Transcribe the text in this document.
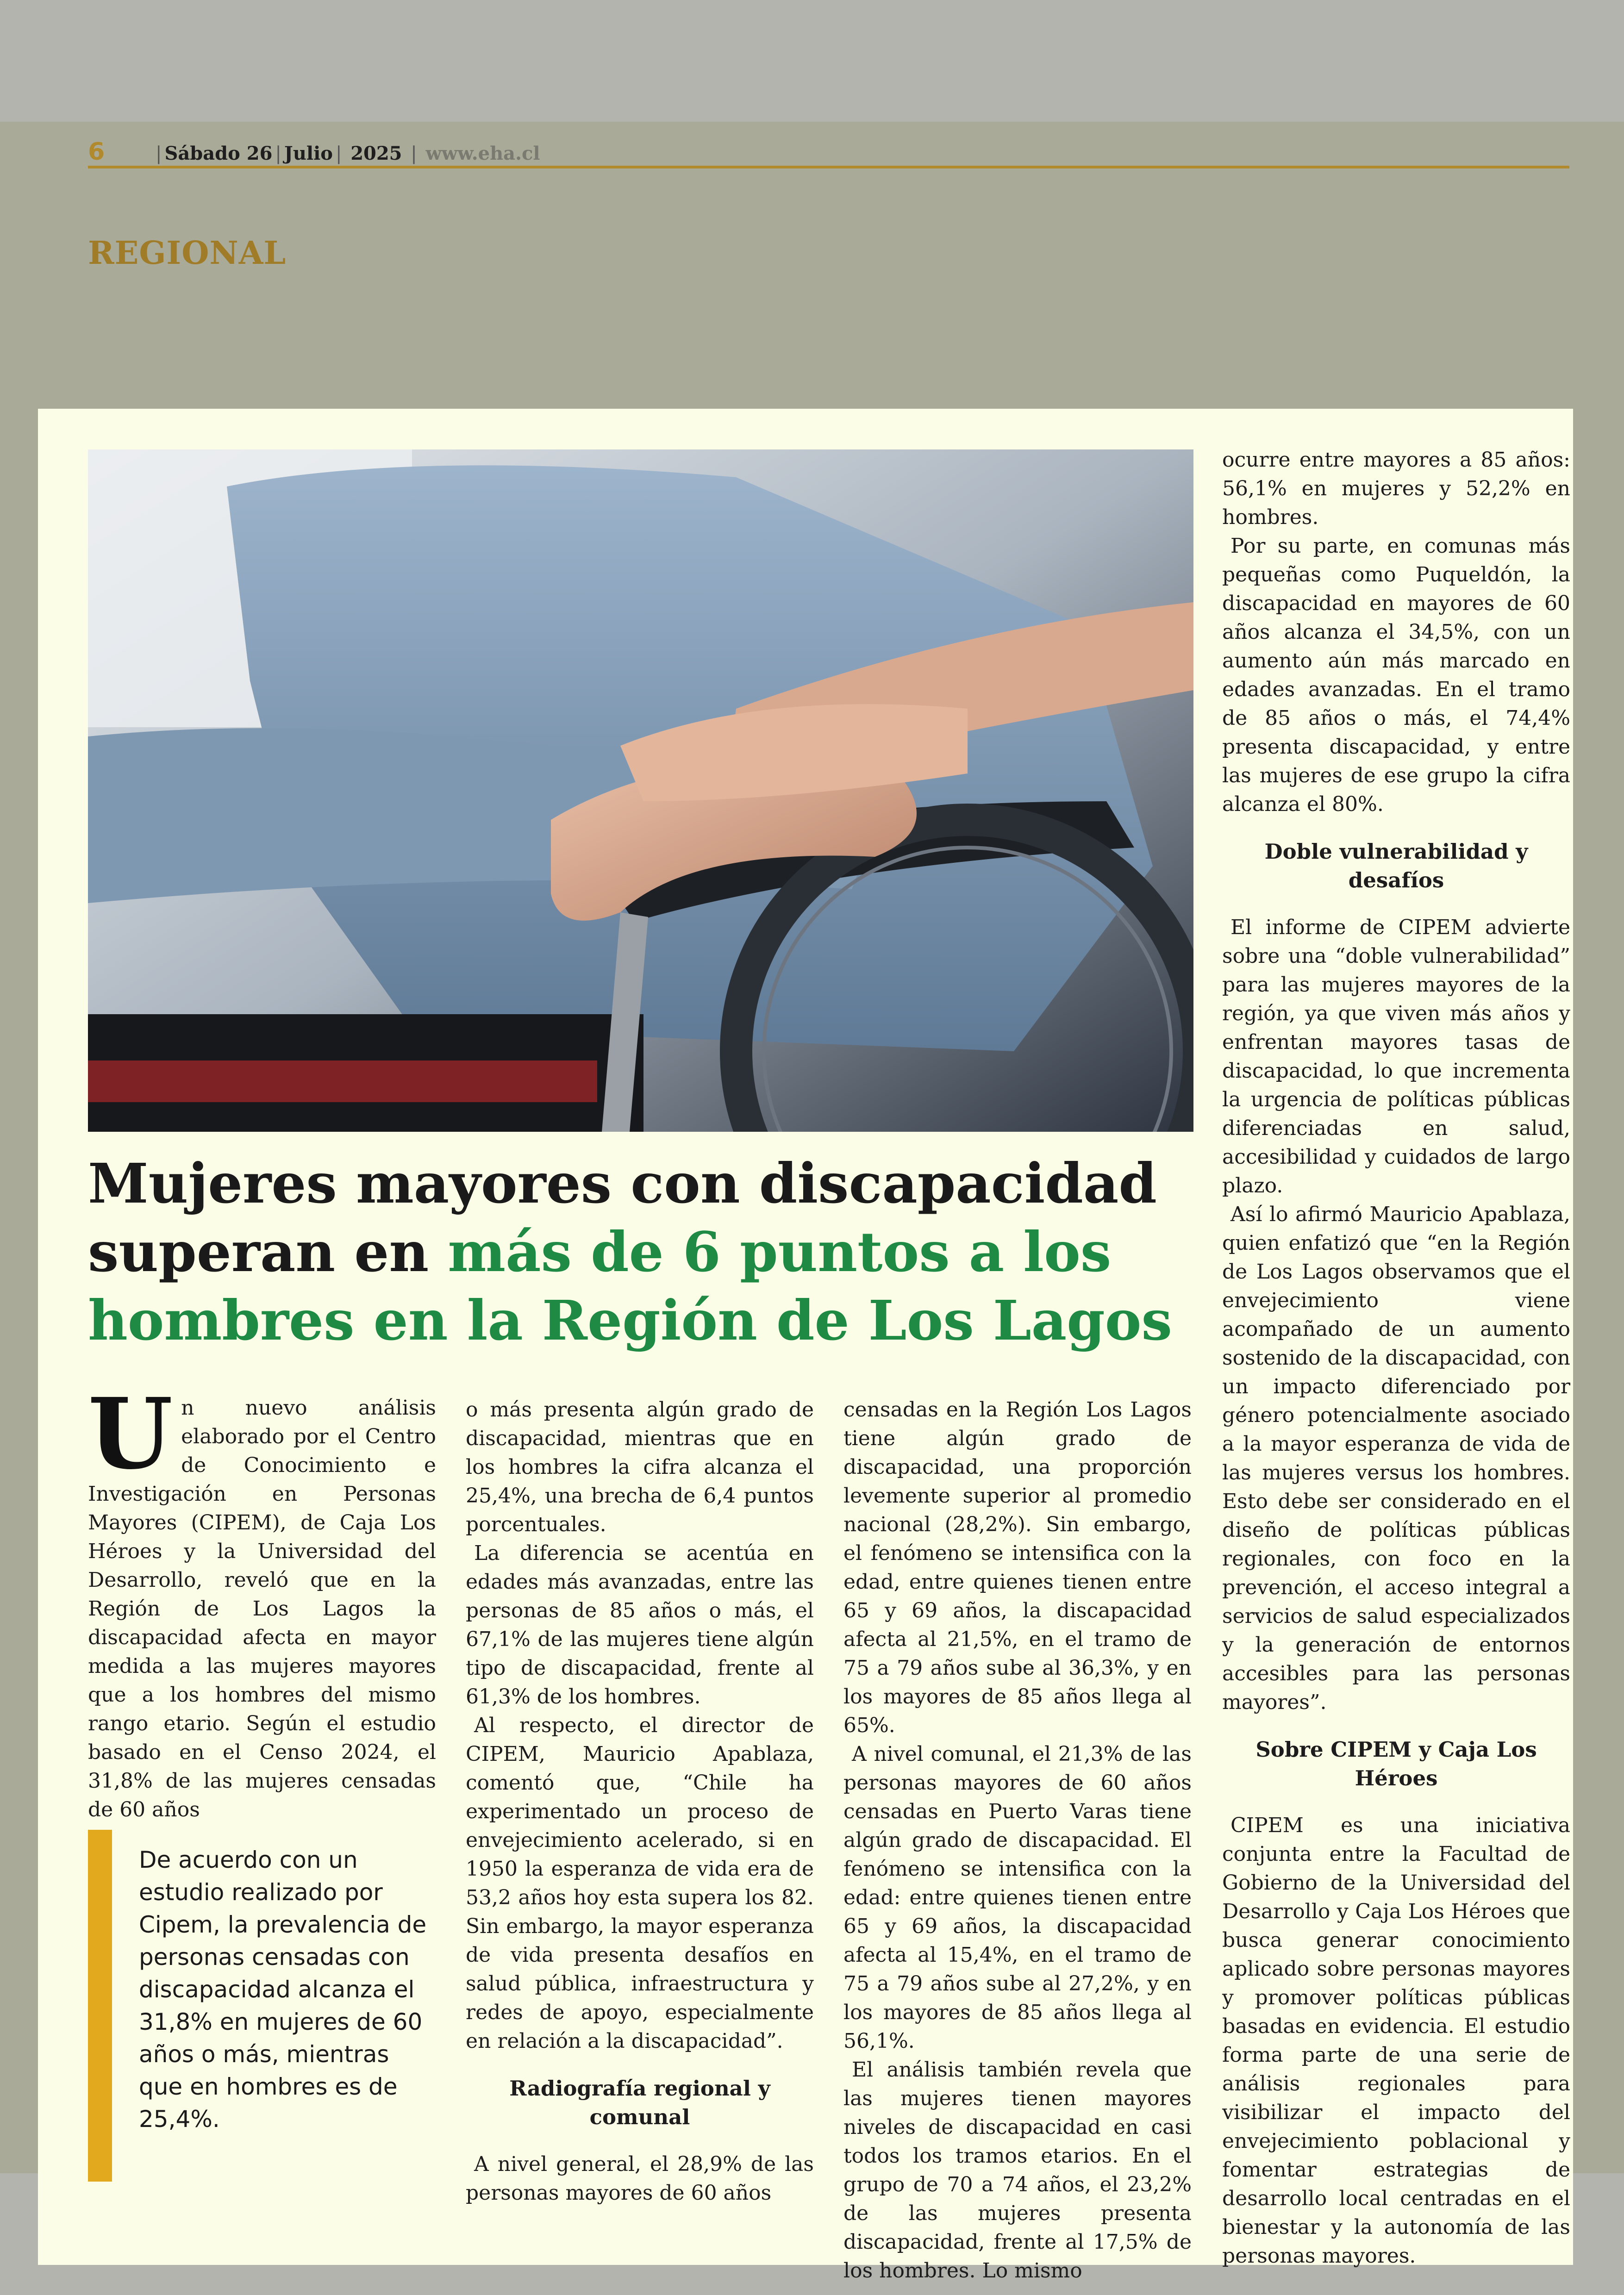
6	| Sábado 26 | Julio | 2025 | www.eha.cl
REGIONAL
Mujeres mayores con discapacidad superan en más de 6 puntos a los hombres en la Región de Los Lagos
U n nuevo análisis elaborado por el Centro de Conocimiento e Investigación en Personas Mayores (CIPEM), de Caja Los Héroes y la Universidad del Desarrollo, reveló que en la Región de Los Lagos la discapacidad afecta en mayor medida a las mujeres mayores que a los hombres del mismo rango etario. Según el estudio basado en el Censo 2024, el 31,8% de las mujeres censadas de 60 años

De acuerdo con un estudio realizado por Cipem, la prevalencia de personas censadas con discapacidad alcanza el 31,8% en mujeres de 60 años o más, mientras que en hombres es de 25,4%.

o más presenta algún grado de discapacidad, mientras que en los hombres la cifra alcanza el 25,4%, una brecha de 6,4 puntos porcentuales.

La diferencia se acentúa en edades más avanzadas, entre las personas de 85 años o más, el 67,1% de las mujeres tiene algún tipo de discapacidad, frente al 61,3% de los hombres.

Al respecto, el director de CIPEM, Mauricio Apablaza, comentó que, “Chile ha experimentado un proceso de envejecimiento acelerado, si en 1950 la esperanza de vida era de 53,2 años hoy esta supera los 82. Sin embargo, la mayor esperanza de vida presenta desafíos en salud pública, infraestructura y redes de apoyo, especialmente en relación a la discapacidad”.

Radiografía regional y comunal

A nivel general, el 28,9% de las personas mayores de 60 años

censadas en la Región Los Lagos tiene algún grado de discapacidad, una proporción levemente superior al promedio nacional (28,2%). Sin embargo, el fenómeno se intensifica con la edad, entre quienes tienen entre 65 y 69 años, la discapacidad afecta al 21,5%, en el tramo de 75 a 79 años sube al 36,3%, y en los mayores de 85 años llega al 65%.

A nivel comunal, el 21,3% de las personas mayores de 60 años censadas en Puerto Varas tiene algún grado de discapacidad. El fenómeno se intensifica con la edad: entre quienes tienen entre 65 y 69 años, la discapacidad afecta al 15,4%, en el tramo de 75 a 79 años sube al 27,2%, y en los mayores de 85 años llega al 56,1%.

El análisis también revela que las mujeres tienen mayores niveles de discapacidad en casi todos los tramos etarios. En el grupo de 70 a 74 años, el 23,2% de las mujeres presenta discapacidad, frente al 17,5% de los hombres. Lo mismo

ocurre entre mayores a 85 años: 56,1% en mujeres y 52,2% en hombres.

Por su parte, en comunas más pequeñas como Puqueldón, la discapacidad en mayores de 60 años alcanza el 34,5%, con un aumento aún más marcado en edades avanzadas. En el tramo de 85 años o más, el 74,4% presenta discapacidad, y entre las mujeres de ese grupo la cifra alcanza el 80%.

Doble vulnerabilidad y desafíos

El informe de CIPEM advierte sobre una “doble vulnerabilidad” para las mujeres mayores de la región, ya que viven más años y enfrentan mayores tasas de discapacidad, lo que incrementa la urgencia de políticas públicas diferenciadas en salud, accesibilidad y cuidados de largo plazo.

Así lo afirmó Mauricio Apablaza, quien enfatizó que “en la Región de Los Lagos observamos que el envejecimiento viene acompañado de un aumento sostenido de la discapacidad, con un impacto diferenciado por género potencialmente asociado a la mayor esperanza de vida de las mujeres versus los hombres. Esto debe ser considerado en el diseño de políticas públicas regionales, con foco en la prevención, el acceso integral a servicios de salud especializados y la generación de entornos accesibles para las personas mayores”.

Sobre CIPEM y Caja Los Héroes

CIPEM es una iniciativa conjunta entre la Facultad de Gobierno de la Universidad del Desarrollo y Caja Los Héroes que busca generar conocimiento aplicado sobre personas mayores y promover políticas públicas basadas en evidencia. El estudio forma parte de una serie de análisis regionales para visibilizar el impacto del envejecimiento poblacional y fomentar estrategias de desarrollo local centradas en el bienestar y la autonomía de las personas mayores.
